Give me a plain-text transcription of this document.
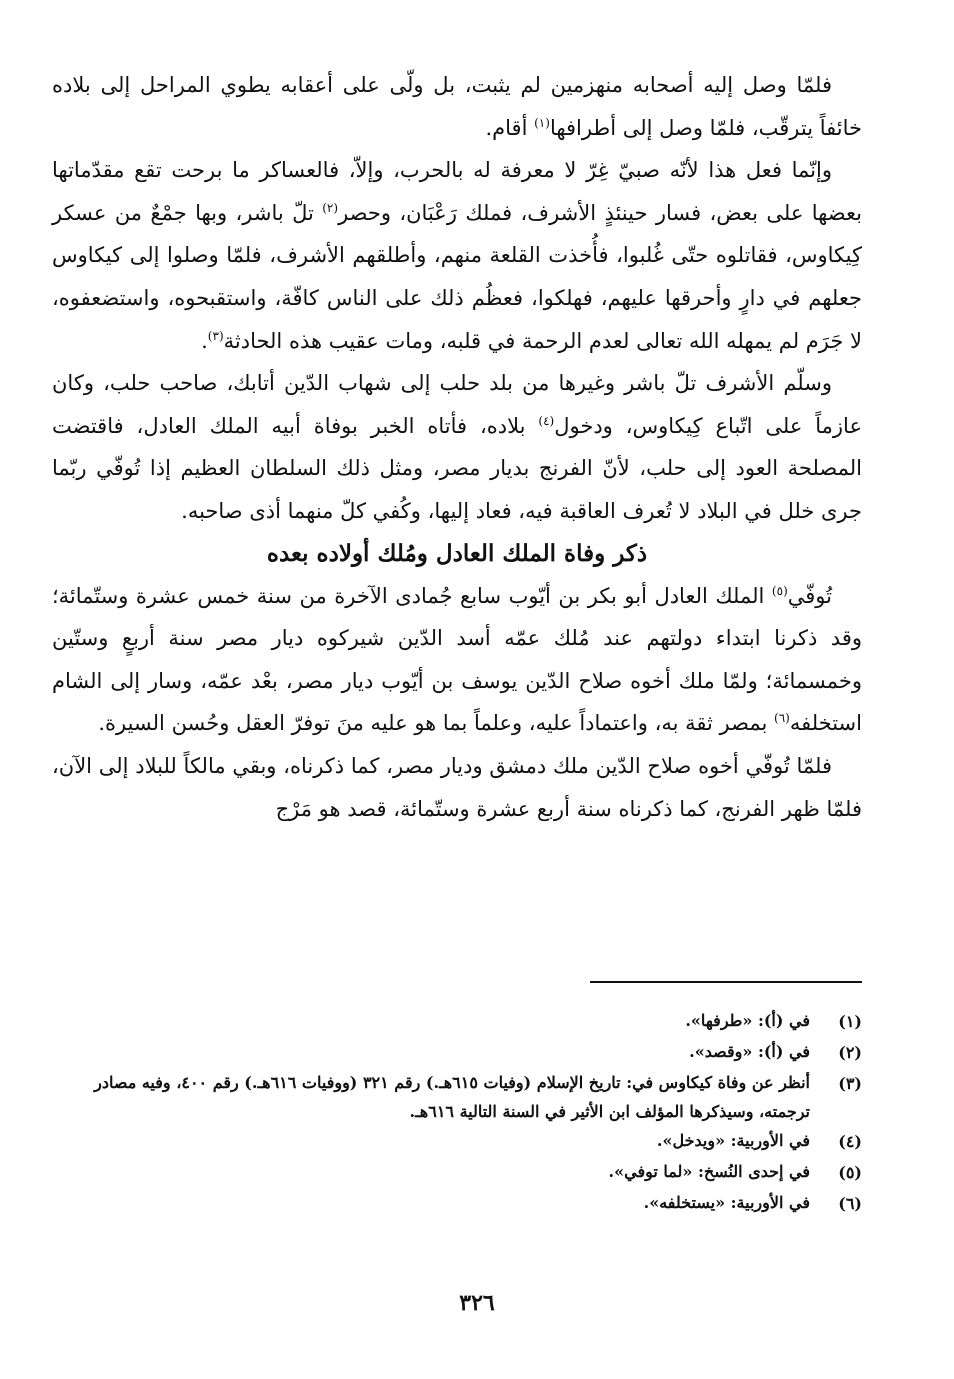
فلمّا وصل إليه أصحابه منهزمين لم يثبت، بل ولّى على أعقابه يطوي المراحل إلى بلاده خائفاً يترقّب، فلمّا وصل إلى أطرافها$^{(١)}$ أقام.

وإنّما فعل هذا لأنّه صبيّ غِرّ لا معرفة له بالحرب، وإلاّ، فالعساكر ما برحت تقع مقدّماتها بعضها على بعض، فسار حينئذٍ الأشرف، فملك رَعْبَان، وحصر$^{(٢)}$ تلّ باشر، وبها جمْعٌ من عسكر كِيكاوس، فقاتلوه حتّى غُلبوا، فأُخذت القلعة منهم، وأطلقهم الأشرف، فلمّا وصلوا إلى كيكاوس جعلهم في دارٍ وأحرقها عليهم، فهلكوا، فعظُم ذلك على الناس كافّة، واستقبحوه، واستضعفوه، لا جَرَم لم يمهله الله تعالى لعدم الرحمة في قلبه، ومات عقيب هذه الحادثة$^{(٣)}$.

وسلّم الأشرف تلّ باشر وغيرها من بلد حلب إلى شهاب الدّين أتابك، صاحب حلب، وكان عازماً على اتّباع كِيكاوس، ودخول$^{(٤)}$ بلاده، فأتاه الخبر بوفاة أبيه الملك العادل، فاقتضت المصلحة العود إلى حلب، لأنّ الفرنج بديار مصر، ومثل ذلك السلطان العظيم إذا تُوفّي ربّما جرى خلل في البلاد لا تُعرف العاقبة فيه، فعاد إليها، وكُفي كلّ منهما أذى صاحبه.

ذكر وفاة الملك العادل ومُلك أولاده بعده

تُوفّي$^{(٥)}$ الملك العادل أبو بكر بن أيّوب سابع جُمادى الآخرة من سنة خمس عشرة وستّمائة؛ وقد ذكرنا ابتداء دولتهم عند مُلك عمّه أسد الدّين شيركوه ديار مصر سنة أربعٍ وستّين وخمسمائة؛ ولمّا ملك أخوه صلاح الدّين يوسف بن أيّوب ديار مصر، بعْد عمّه، وسار إلى الشام استخلفه$^{(٦)}$ بمصر ثقة به، واعتماداً عليه، وعلماً بما هو عليه منَ توفرّ العقل وحُسن السيرة.

فلمّا تُوفّي أخوه صلاح الدّين ملك دمشق وديار مصر، كما ذكرناه، وبقي مالكاً للبلاد إلى الآن، فلمّا ظهر الفرنج، كما ذكرناه سنة أربع عشرة وستّمائة، قصد هو مَرْج

(١)
في (أ): «طرفها».
(٢)
في (أ): «وقصد».
(٣)
أنظر عن وفاة كيكاوس في: تاريخ الإسلام (وفيات ٦١٥هـ.) رقم ٣٢١ (ووفيات ٦١٦هـ.) رقم ٤٠٠، وفيه مصادر ترجمته، وسيذكرها المؤلف ابن الأثير في السنة التالية ٦١٦هـ.
(٤)
في الأوربية: «ويدخل».
(٥)
في إحدى النُسخ: «لما توفي».
(٦)
في الأوربية: «يستخلفه».
٣٢٦
